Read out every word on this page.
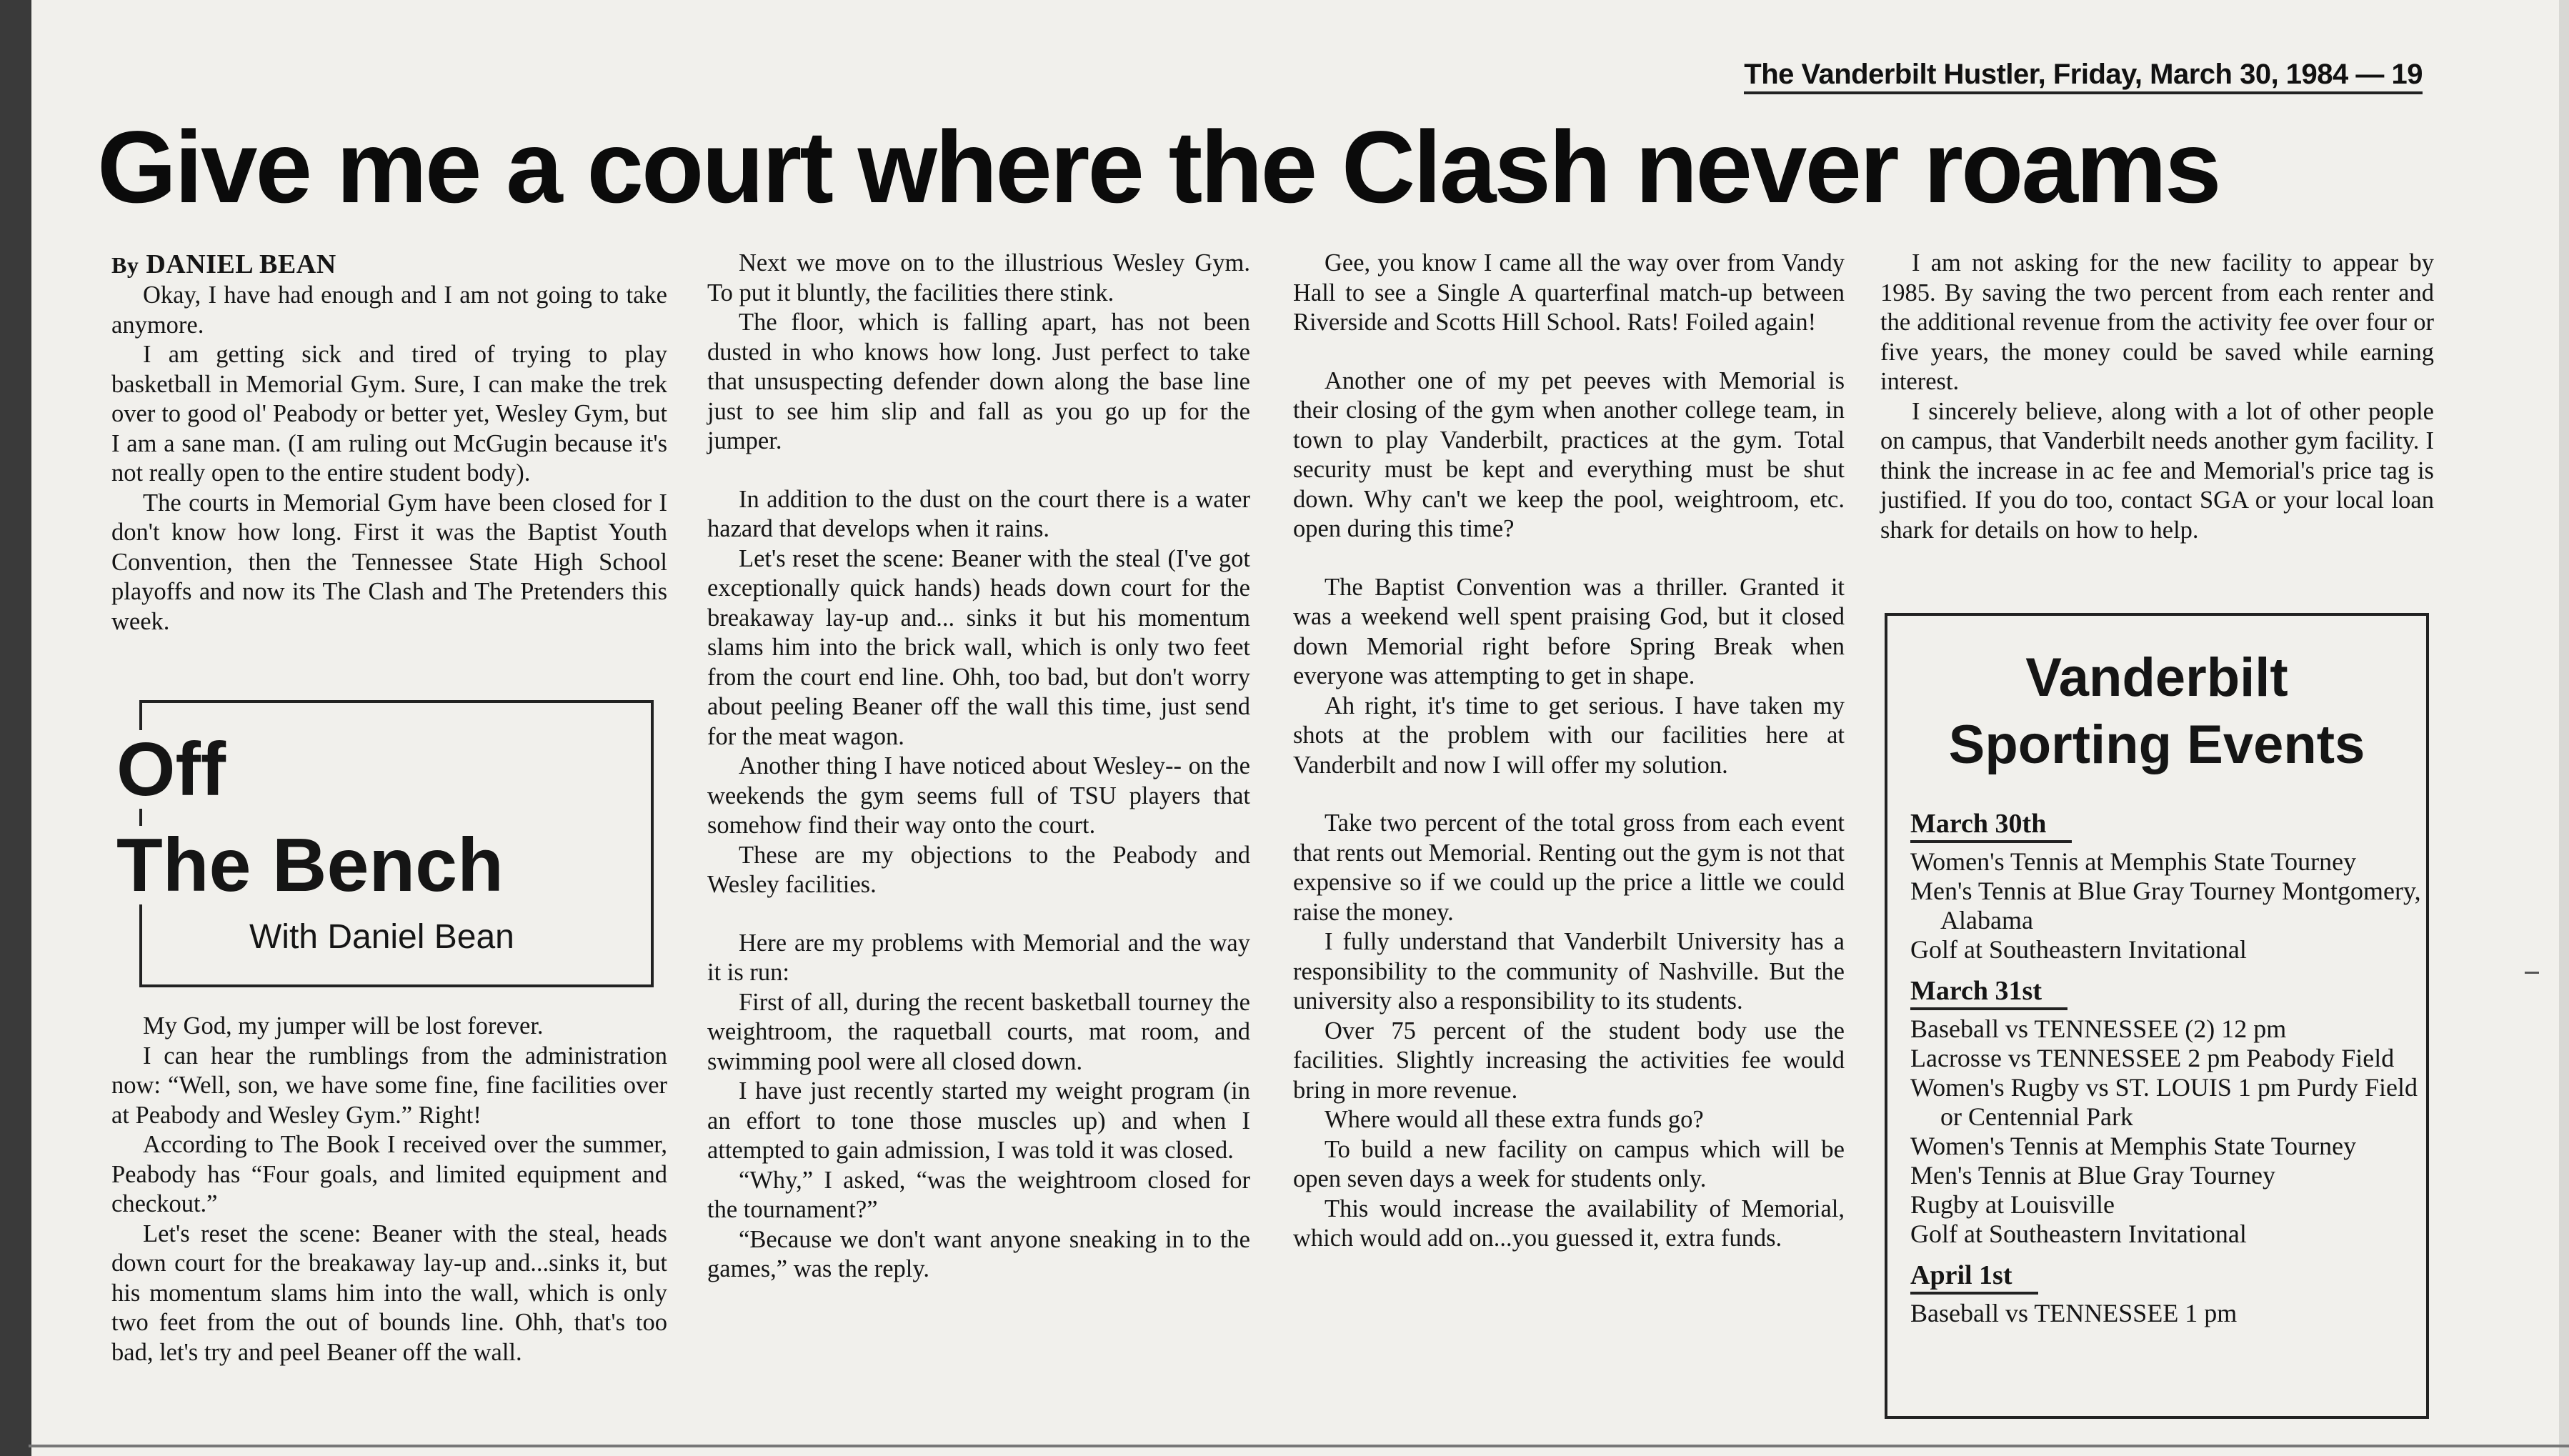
The Vanderbilt Hustler, Friday, March 30, 1984 — 19
Give me a court where the Clash never roams
By DANIEL BEAN

Okay, I have had enough and I am not going to take anymore.

I am getting sick and tired of trying to play basketball in Memorial Gym. Sure, I can make the trek over to good ol' Peabody or better yet, Wesley Gym, but I am a sane man. (I am ruling out McGugin because it's not really open to the entire student body).

The courts in Memorial Gym have been closed for I don't know how long. First it was the Baptist Youth Convention, then the Tennessee State High School playoffs and now its The Clash and The Pretenders this week.

Off
The Bench
With Daniel Bean

My God, my jumper will be lost forever.

I can hear the rumblings from the administration now: “Well, son, we have some fine, fine facilities over at Peabody and Wesley Gym.” Right!

According to The Book I received over the summer, Peabody has “Four goals, and limited equipment and checkout.”

Let's reset the scene: Beaner with the steal, heads down court for the breakaway lay-up and...sinks it, but his momentum slams him into the wall, which is only two feet from the out of bounds line. Ohh, that's too bad, let's try and peel Beaner off the wall.

Next we move on to the illustrious Wesley Gym. To put it bluntly, the facilities there stink.

The floor, which is falling apart, has not been dusted in who knows how long. Just perfect to take that unsuspecting defender down along the base line just to see him slip and fall as you go up for the jumper.

In addition to the dust on the court there is a water hazard that develops when it rains.

Let's reset the scene: Beaner with the steal (I've got exceptionally quick hands) heads down court for the breakaway lay-up and... sinks it but his momentum slams him into the brick wall, which is only two feet from the court end line. Ohh, too bad, but don't worry about peeling Beaner off the wall this time, just send for the meat wagon.

Another thing I have noticed about Wesley-- on the weekends the gym seems full of TSU players that somehow find their way onto the court.

These are my objections to the Peabody and Wesley facilities.

Here are my problems with Memorial and the way it is run:

First of all, during the recent basketball tourney the weightroom, the raquetball courts, mat room, and swimming pool were all closed down.

I have just recently started my weight program (in an effort to tone those muscles up) and when I attempted to gain admission, I was told it was closed.

“Why,” I asked, “was the weightroom closed for the tournament?”

“Because we don't want anyone sneaking in to the games,” was the reply.

Gee, you know I came all the way over from Vandy Hall to see a Single A quarterfinal match-up between Riverside and Scotts Hill School. Rats! Foiled again!

Another one of my pet peeves with Memorial is their closing of the gym when another college team, in town to play Vanderbilt, practices at the gym. Total security must be kept and everything must be shut down. Why can't we keep the pool, weightroom, etc. open during this time?

The Baptist Convention was a thriller. Granted it was a weekend well spent praising God, but it closed down Memorial right before Spring Break when everyone was attempting to get in shape.

Ah right, it's time to get serious. I have taken my shots at the problem with our facilities here at Vanderbilt and now I will offer my solution.

Take two percent of the total gross from each event that rents out Memorial. Renting out the gym is not that expensive so if we could up the price a little we could raise the money.

I fully understand that Vanderbilt University has a responsibility to the community of Nashville. But the university also a responsibility to its students.

Over 75 percent of the student body use the facilities. Slightly increasing the activities fee would bring in more revenue.

Where would all these extra funds go?

To build a new facility on campus which will be open seven days a week for students only.

This would increase the availability of Memorial, which would add on...you guessed it, extra funds.

I am not asking for the new facility to appear by 1985. By saving the two percent from each renter and the additional revenue from the activity fee over four or five years, the money could be saved while earning interest.

I sincerely believe, along with a lot of other people on campus, that Vanderbilt needs another gym facility. I think the increase in ac fee and Memorial's price tag is justified. If you do too, contact SGA or your local loan shark for details on how to help.

Vanderbilt
Sporting Events
March 30th
Women's Tennis at Memphis State Tourney
Men's Tennis at Blue Gray Tourney Montgomery, Alabama
Golf at Southeastern Invitational
March 31st
Baseball vs TENNESSEE (2) 12 pm
Lacrosse vs TENNESSEE 2 pm Peabody Field
Women's Rugby vs ST. LOUIS 1 pm Purdy Field or Centennial Park
Women's Tennis at Memphis State Tourney
Men's Tennis at Blue Gray Tourney
Rugby at Louisville
Golf at Southeastern Invitational
April 1st
Baseball vs TENNESSEE 1 pm
